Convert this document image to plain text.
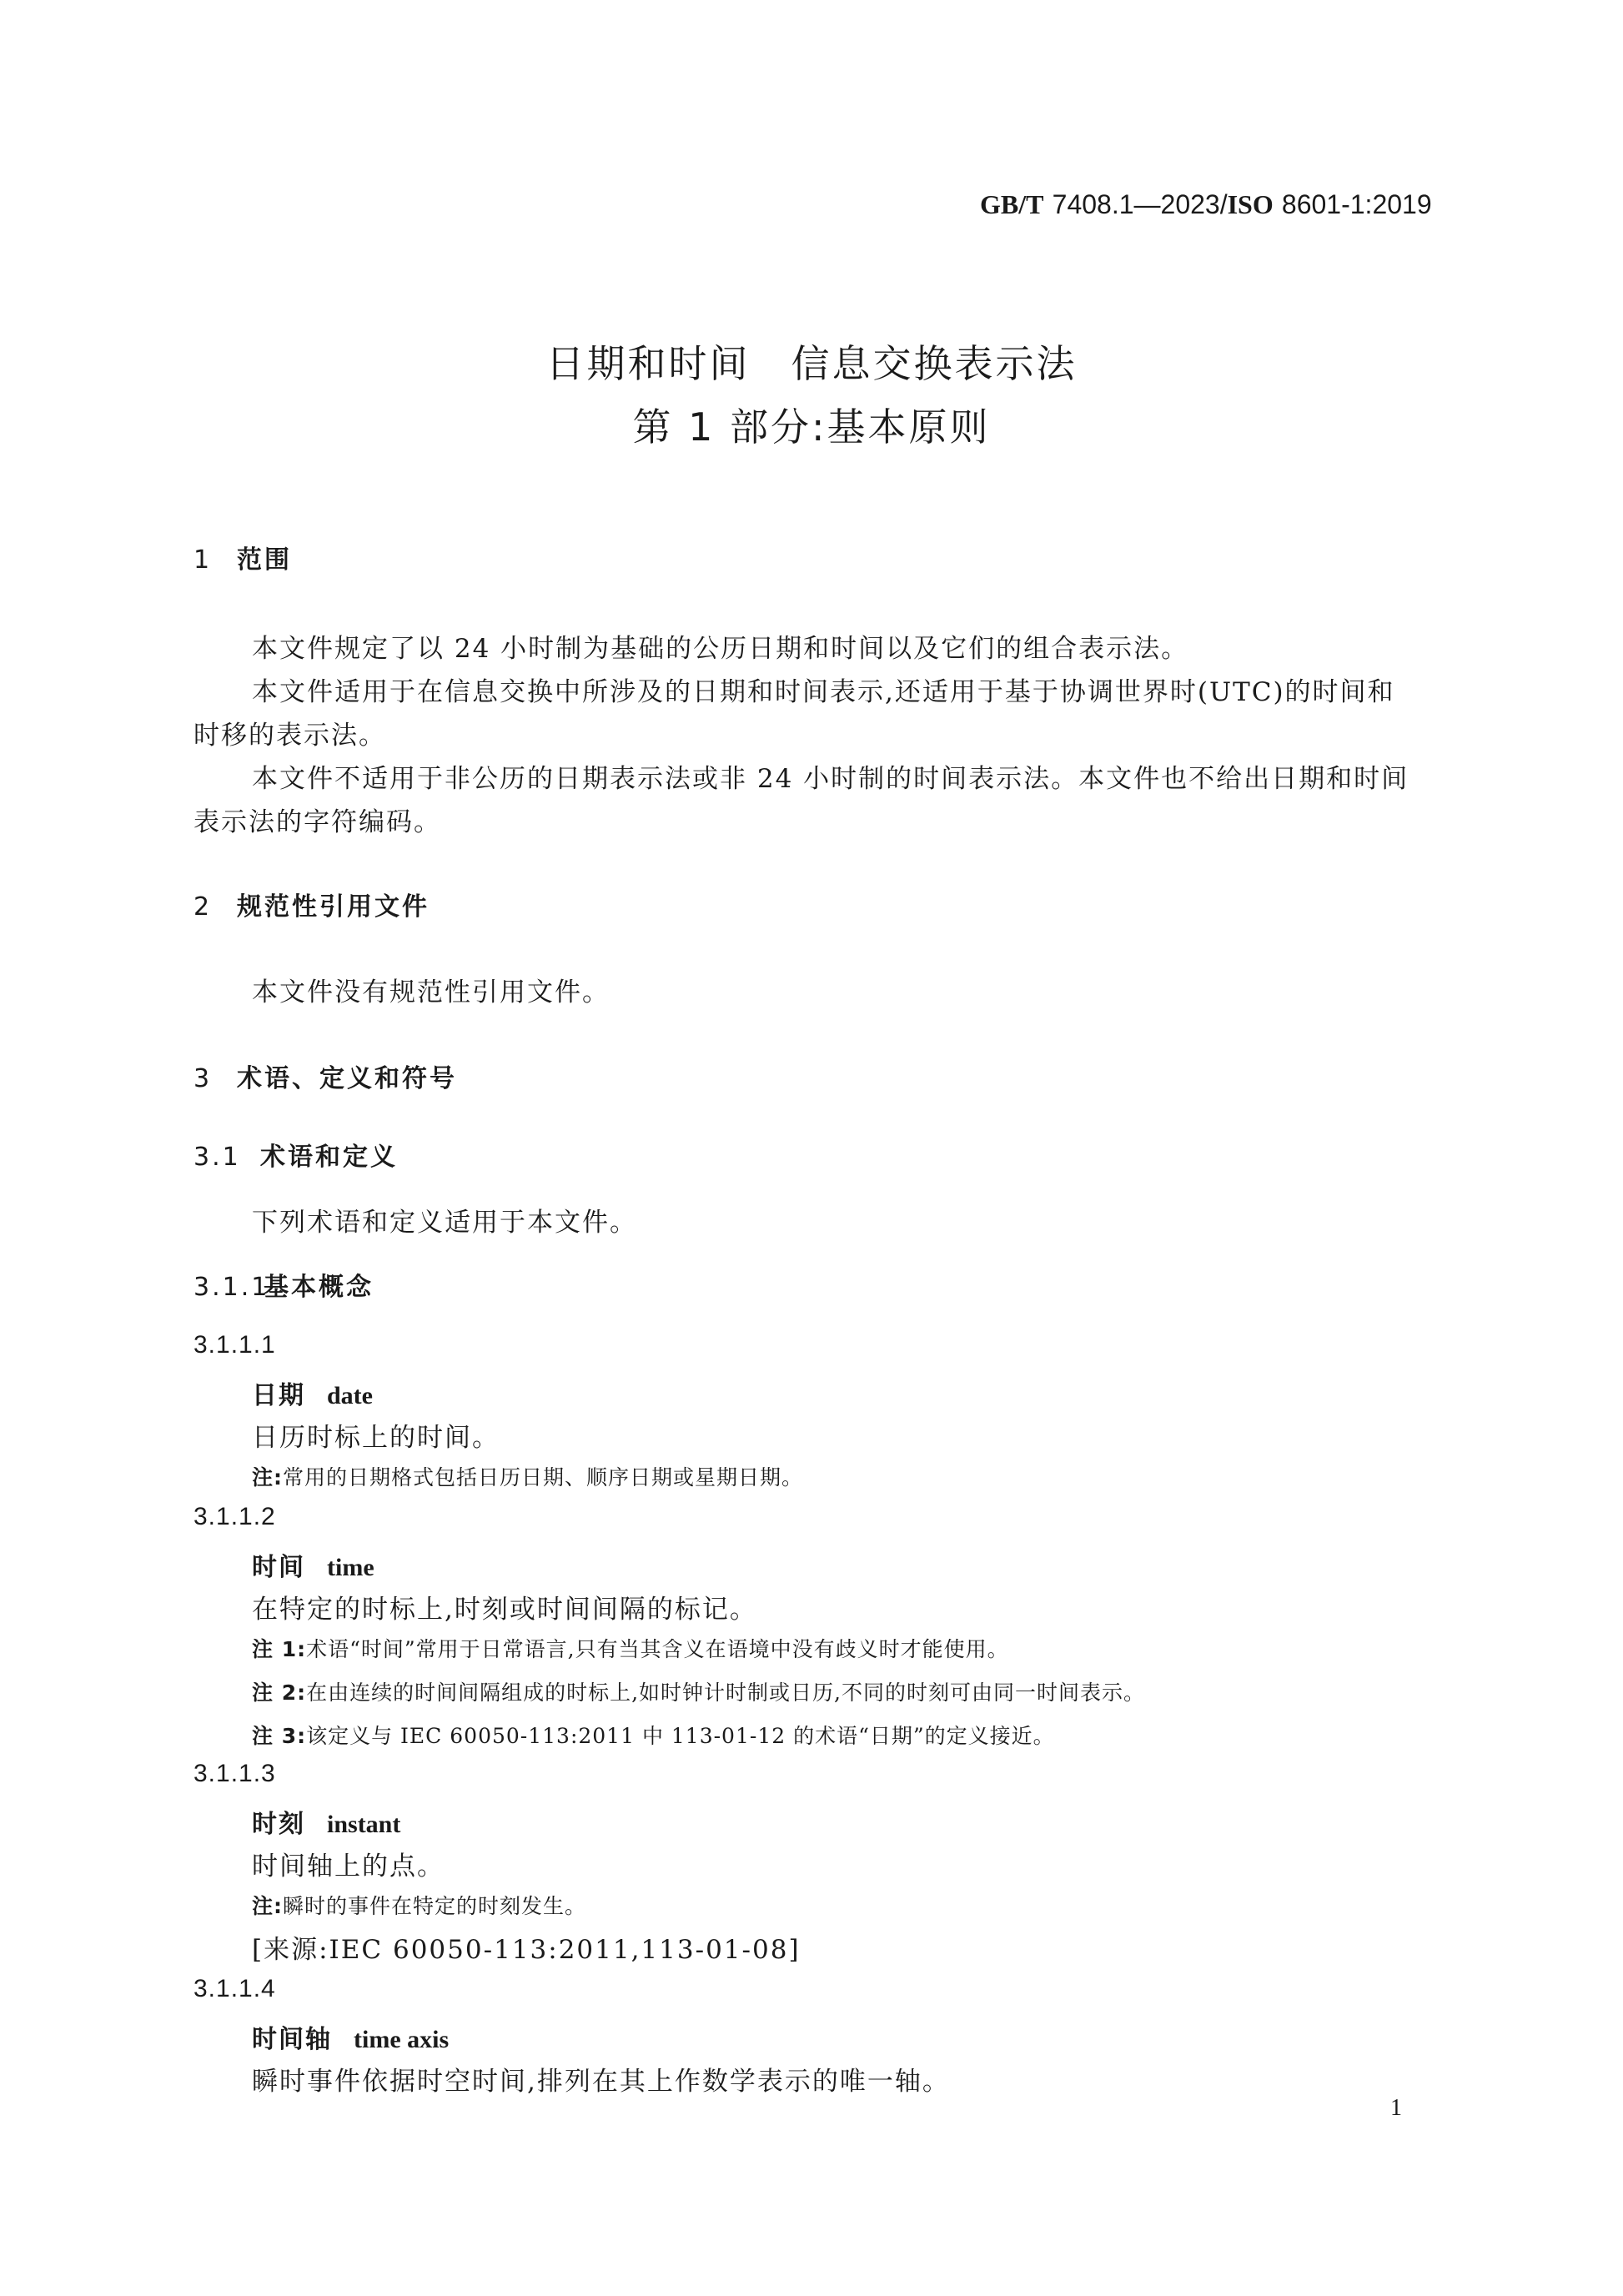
GB/T 7408.1—2023/ISO 8601-1:2019
日期和时间　信息交换表示法
第 1 部分:基本原则
1 范围
本文件规定了以 24 小时制为基础的公历日期和时间以及它们的组合表示法。
本文件适用于在信息交换中所涉及的日期和时间表示,还适用于基于协调世界时(UTC)的时间和
时移的表示法。
本文件不适用于非公历的日期表示法或非 24 小时制的时间表示法。本文件也不给出日期和时间
表示法的字符编码。
2 规范性引用文件
本文件没有规范性引用文件。
3 术语、定义和符号
3.1 术语和定义
下列术语和定义适用于本文件。
3.1.1基本概念
3.1.1.1
日期 date
日历时标上的时间。
注:常用的日期格式包括日历日期、顺序日期或星期日期。
3.1.1.2
时间 time
在特定的时标上,时刻或时间间隔的标记。
注 1:术语“时间”常用于日常语言,只有当其含义在语境中没有歧义时才能使用。
注 2:在由连续的时间间隔组成的时标上,如时钟计时制或日历,不同的时刻可由同一时间表示。
注 3:该定义与 IEC 60050-113:2011 中 113-01-12 的术语“日期”的定义接近。
3.1.1.3
时刻 instant
时间轴上的点。
注:瞬时的事件在特定的时刻发生。
[来源:IEC 60050-113:2011,113-01-08]
3.1.1.4
时间轴 time axis
瞬时事件依据时空时间,排列在其上作数学表示的唯一轴。
1
